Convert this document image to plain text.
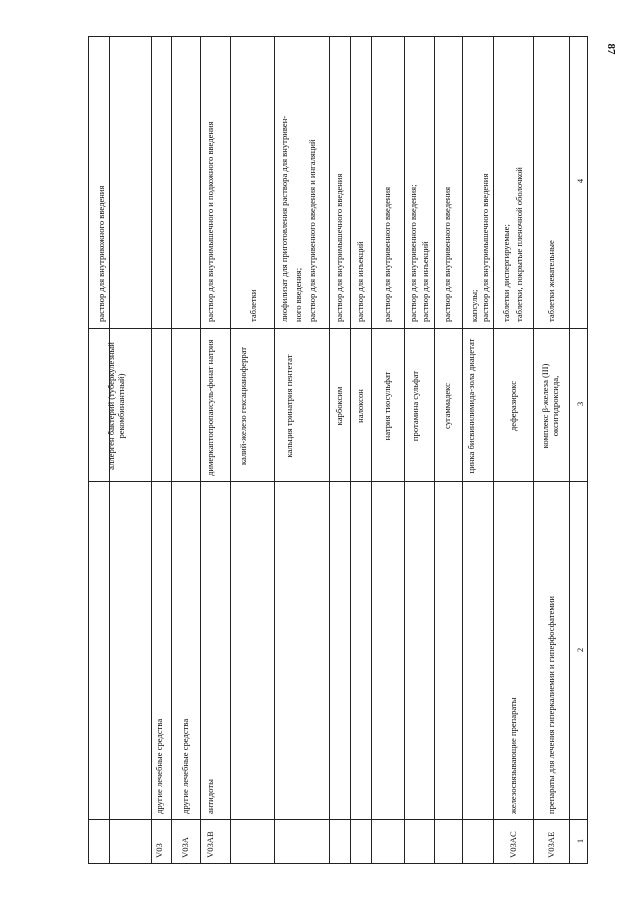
87
4
3
2
1
аллерген бактерий (туберкулезный рекомбинантный)
раствор для внутрикожного введения
V03
другие лечебные средства
V03A
другие лечебные средства
V03AB
антидоты
димеркаптопропансуль-фонат натрия
раствор для внутримышечного и подкожного введения
калий-железо гексацианоферрат
таблетки
кальция тринатрия пентетат
лиофилизат для приготовления раствора для внутривен- ного введения; раствор для внутривенного введения и ингаляций
карбоксим
раствор для внутримышечного введения
налоксон
раствор для инъекций
натрия тиосульфат
раствор для внутривенного введения
протамина сульфат
раствор для внутривенного введения; раствор для инъекций
сугаммадекс
раствор для внутривенного введения
цинка бисвинилимида-зола диацетат
капсулы; раствор для внутримышечного введения
V03AC
железосвязывающие препараты
деферазирокс
таблетки диспергируемые; таблетки, покрытые пленочной оболочкой
V03AE
препараты для лечения гиперкалиемии и гиперфосфатемии
комплекс β-железа (III) оксигидроксида,
таблетки жевательные
